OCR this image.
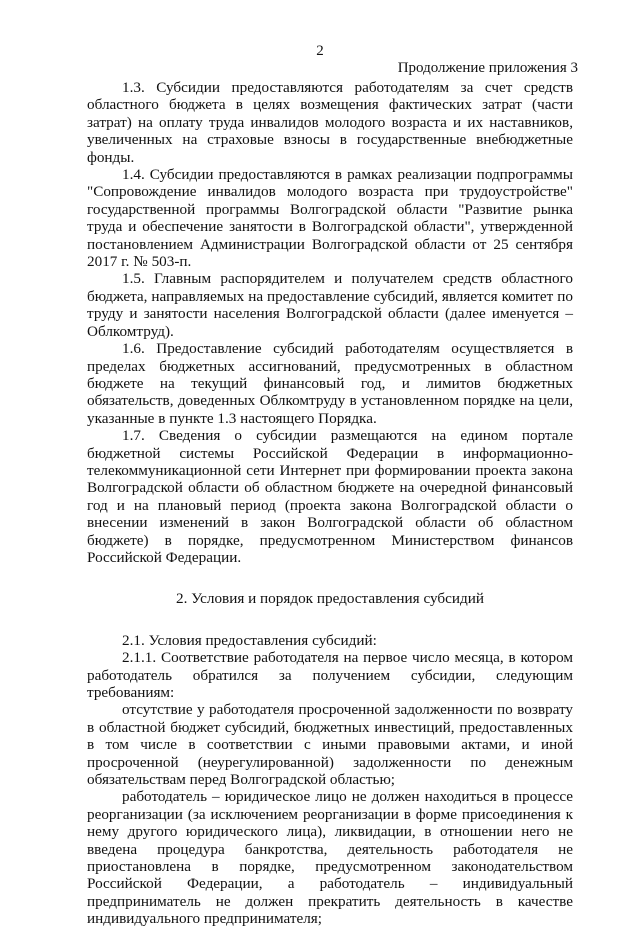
2
Продолжение приложения 3

1.3. Субсидии предоставляются работодателям за счет средств областного бюджета в целях возмещения фактических затрат (части затрат) на оплату труда инвалидов молодого возраста и их наставников, увеличенных на страховые взносы в государственные внебюджетные фонды.

1.4. Субсидии предоставляются в рамках реализации подпрограммы "Сопровождение инвалидов молодого возраста при трудоустройстве" государственной программы Волгоградской области "Развитие рынка труда и обеспечение занятости в Волгоградской области", утвержденной постановлением Администрации Волгоградской области от 25 сентября 2017 г. № 503-п.

1.5. Главным распорядителем и получателем средств областного бюджета, направляемых на предоставление субсидий, является комитет по труду и занятости населения Волгоградской области (далее именуется – Облкомтруд).

1.6. Предоставление субсидий работодателям осуществляется в пределах бюджетных ассигнований, предусмотренных в областном бюджете на текущий финансовый год, и лимитов бюджетных обязательств, доведенных Облкомтруду в установленном порядке на цели, указанные в пункте 1.3 настоящего Порядка.

1.7. Сведения о субсидии размещаются на едином портале бюджетной системы Российской Федерации в информационно-телекоммуникационной сети Интернет при формировании проекта закона Волгоградской области об областном бюджете на очередной финансовый год и на плановый период (проекта закона Волгоградской области о внесении изменений в закон Волгоградской области об областном бюджете) в порядке, предусмотренном Министерством финансов Российской Федерации.

2. Условия и порядок предоставления субсидий

2.1. Условия предоставления субсидий:

2.1.1. Соответствие работодателя на первое число месяца, в котором работодатель обратился за получением субсидии, следующим требованиям:

отсутствие у работодателя просроченной задолженности по возврату в областной бюджет субсидий, бюджетных инвестиций, предоставленных в том числе в соответствии с иными правовыми актами, и иной просроченной (неурегулированной) задолженности по денежным обязательствам перед Волгоградской областью;

работодатель – юридическое лицо не должен находиться в процессе реорганизации (за исключением реорганизации в форме присоединения к нему другого юридического лица), ликвидации, в отношении него не введена процедура банкротства, деятельность работодателя не приостановлена в порядке, предусмотренном законодательством Российской Федерации, а работодатель – индивидуальный предприниматель не должен прекратить деятельность в качестве индивидуального предпринимателя;
